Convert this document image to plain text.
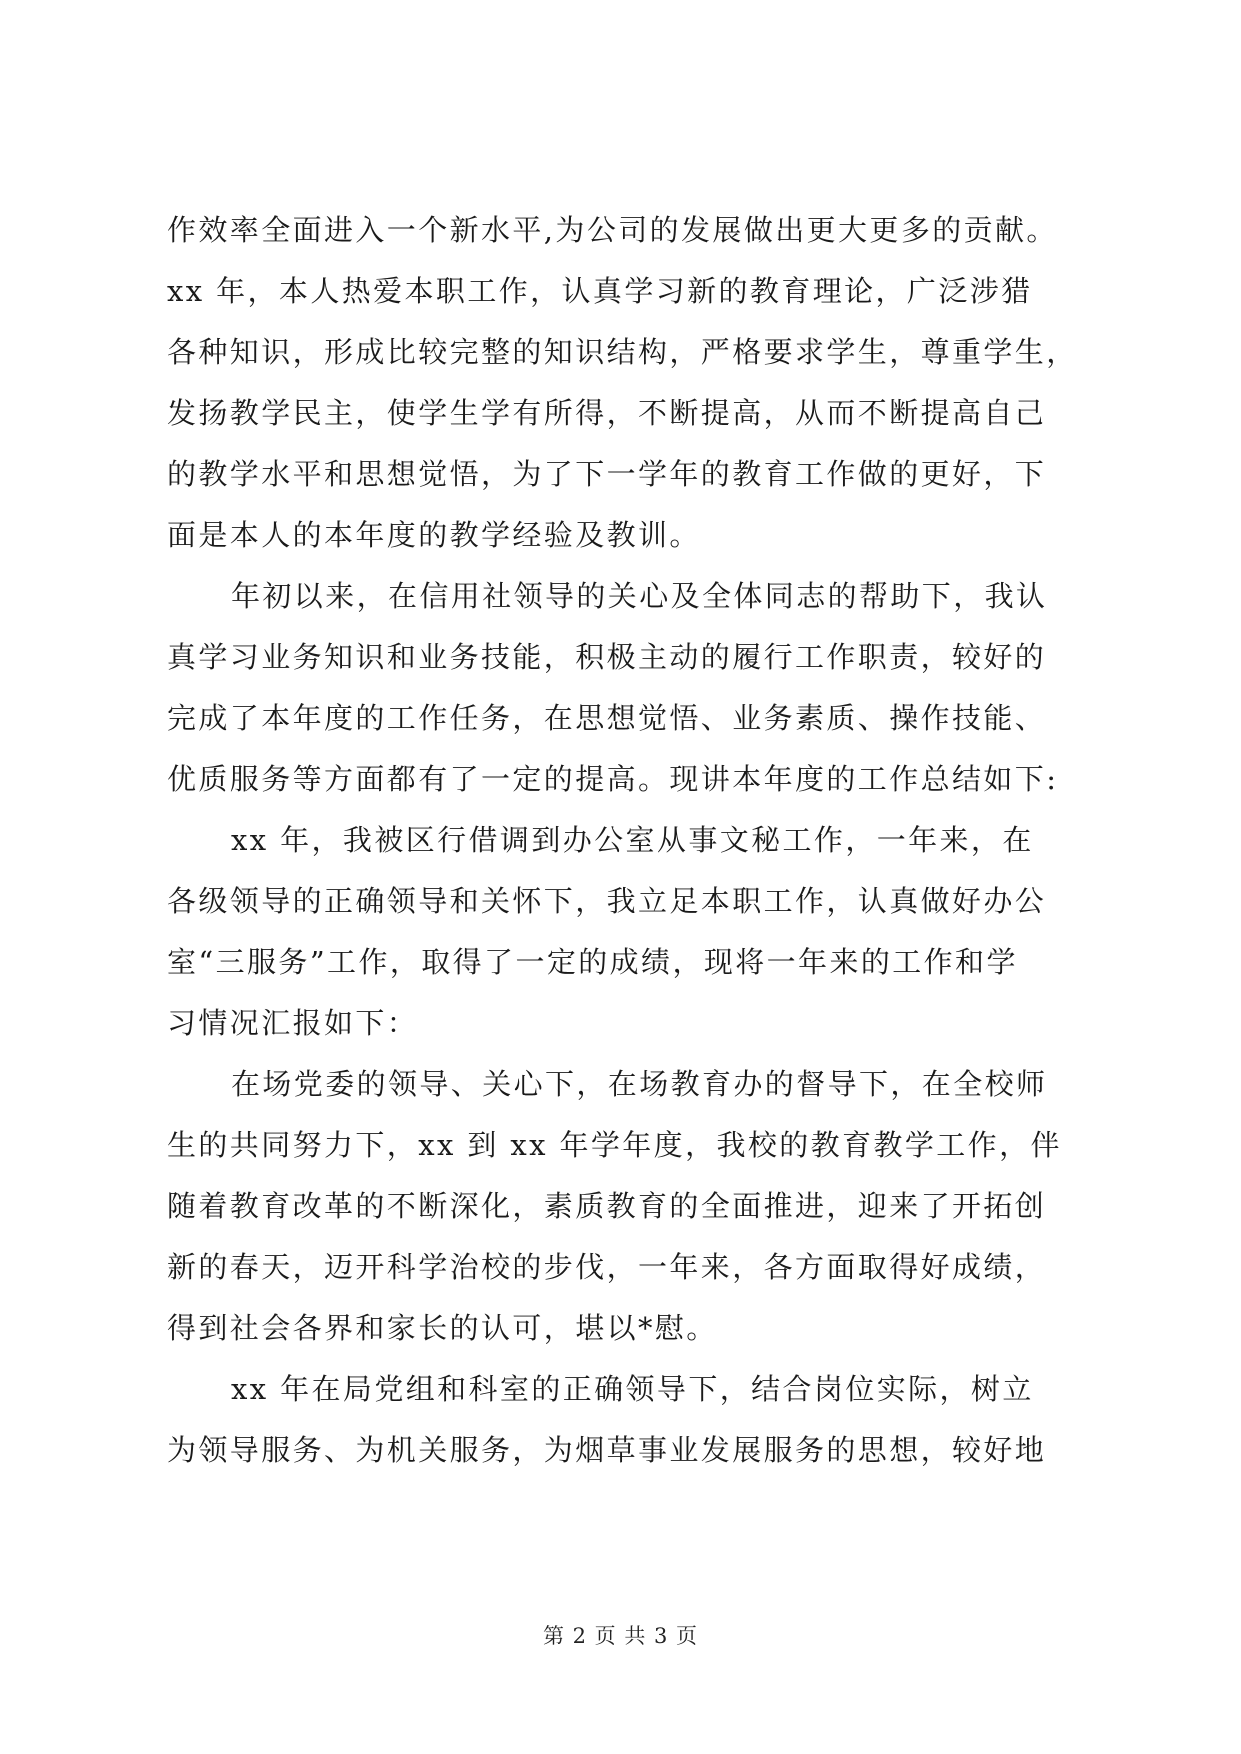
作效率全面进入一个新水平,为公司的发展做出更大更多的贡献。
xx 年，本人热爱本职工作，认真学习新的教育理论，广泛涉猎
各种知识，形成比较完整的知识结构，严格要求学生，尊重学生，
发扬教学民主，使学生学有所得，不断提高，从而不断提高自己
的教学水平和思想觉悟，为了下一学年的教育工作做的更好，下
面是本人的本年度的教学经验及教训。
年初以来，在信用社领导的关心及全体同志的帮助下，我认
真学习业务知识和业务技能，积极主动的履行工作职责，较好的
完成了本年度的工作任务，在思想觉悟、业务素质、操作技能、
优质服务等方面都有了一定的提高。现讲本年度的工作总结如下:
xx 年，我被区行借调到办公室从事文秘工作，一年来，在
各级领导的正确领导和关怀下，我立足本职工作，认真做好办公
室“三服务”工作，取得了一定的成绩，现将一年来的工作和学
习情况汇报如下：
在场党委的领导、关心下，在场教育办的督导下，在全校师
生的共同努力下，xx 到 xx 年学年度，我校的教育教学工作，伴
随着教育改革的不断深化，素质教育的全面推进，迎来了开拓创
新的春天，迈开科学治校的步伐，一年来，各方面取得好成绩，
得到社会各界和家长的认可，堪以*慰。
xx 年在局党组和科室的正确领导下，结合岗位实际，树立
为领导服务、为机关服务，为烟草事业发展服务的思想，较好地
第 2 页 共 3 页
